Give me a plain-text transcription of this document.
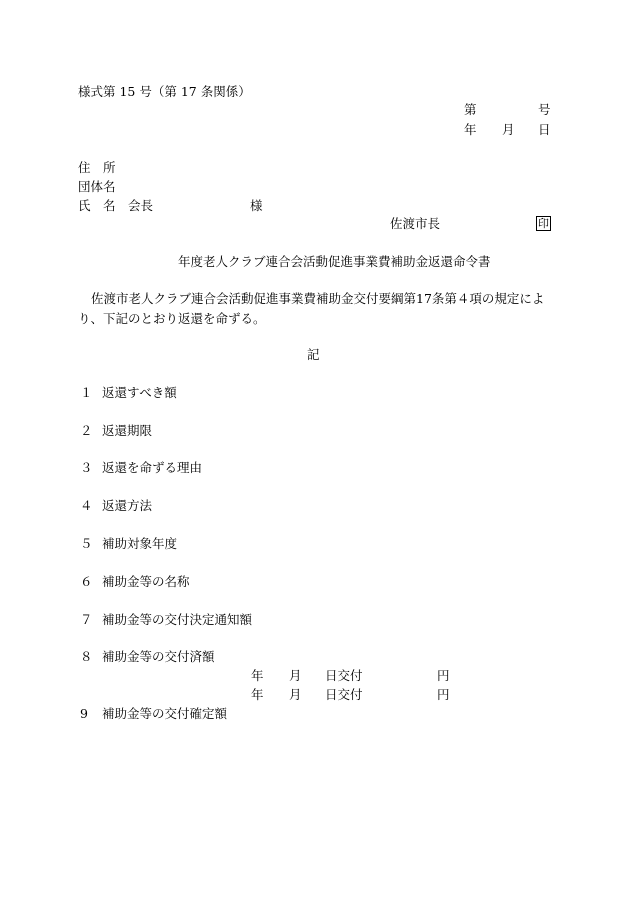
様式第 15 号（第 17 条関係）
第	号
年 月 日
住　所
団体名
氏　名　会長	様
佐渡市長	印
年度老人クラブ連合会活動促進事業費補助金返還命令書
佐渡市老人クラブ連合会活動促進事業費補助金交付要綱第17条第４項の規定によ
り、下記のとおり返還を命ずる。
記
１ 返還すべき額
２ 返還期限
３ 返還を命ずる理由
４ 返還方法
５ 補助対象年度
６ 補助金等の名称
７ 補助金等の交付決定通知額
８ 補助金等の交付済額
年 月 日交付	円
年 月 日交付	円
9 補助金等の交付確定額
